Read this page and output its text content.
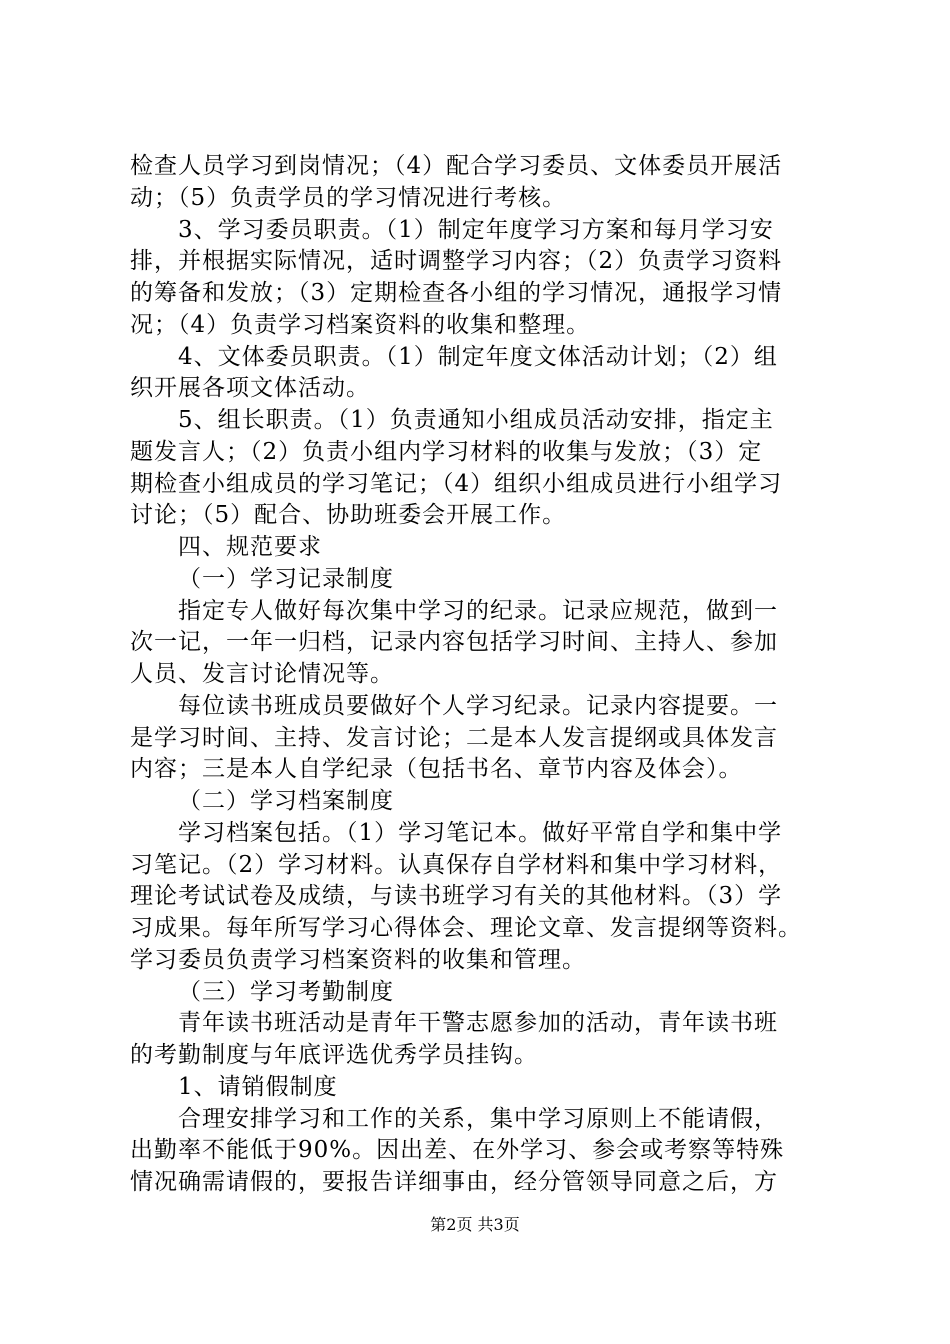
检查人员学习到岗情况；（4）配合学习委员、文体委员开展活
动；（5）负责学员的学习情况进行考核。
3、学习委员职责。（1）制定年度学习方案和每月学习安
排，并根据实际情况，适时调整学习内容；（2）负责学习资料
的筹备和发放；（3）定期检查各小组的学习情况，通报学习情
况；（4）负责学习档案资料的收集和整理。
4、文体委员职责。（1）制定年度文体活动计划；（2）组
织开展各项文体活动。
5、组长职责。（1）负责通知小组成员活动安排，指定主
题发言人；（2）负责小组内学习材料的收集与发放；（3）定
期检查小组成员的学习笔记；（4）组织小组成员进行小组学习
讨论；（5）配合、协助班委会开展工作。
四、规范要求
（一）学习记录制度
指定专人做好每次集中学习的纪录。记录应规范，做到一
次一记，一年一归档，记录内容包括学习时间、主持人、参加
人员、发言讨论情况等。
每位读书班成员要做好个人学习纪录。记录内容提要。一
是学习时间、主持、发言讨论；二是本人发言提纲或具体发言
内容；三是本人自学纪录（包括书名、章节内容及体会）。
（二）学习档案制度
学习档案包括。（1）学习笔记本。做好平常自学和集中学
习笔记。（2）学习材料。认真保存自学材料和集中学习材料，
理论考试试卷及成绩，与读书班学习有关的其他材料。（3）学
习成果。每年所写学习心得体会、理论文章、发言提纲等资料。
学习委员负责学习档案资料的收集和管理。
（三）学习考勤制度
青年读书班活动是青年干警志愿参加的活动，青年读书班
的考勤制度与年底评选优秀学员挂钩。
1、请销假制度
合理安排学习和工作的关系，集中学习原则上不能请假，
出勤率不能低于90%。因出差、在外学习、参会或考察等特殊
情况确需请假的，要报告详细事由，经分管领导同意之后，方
第2页 共3页
